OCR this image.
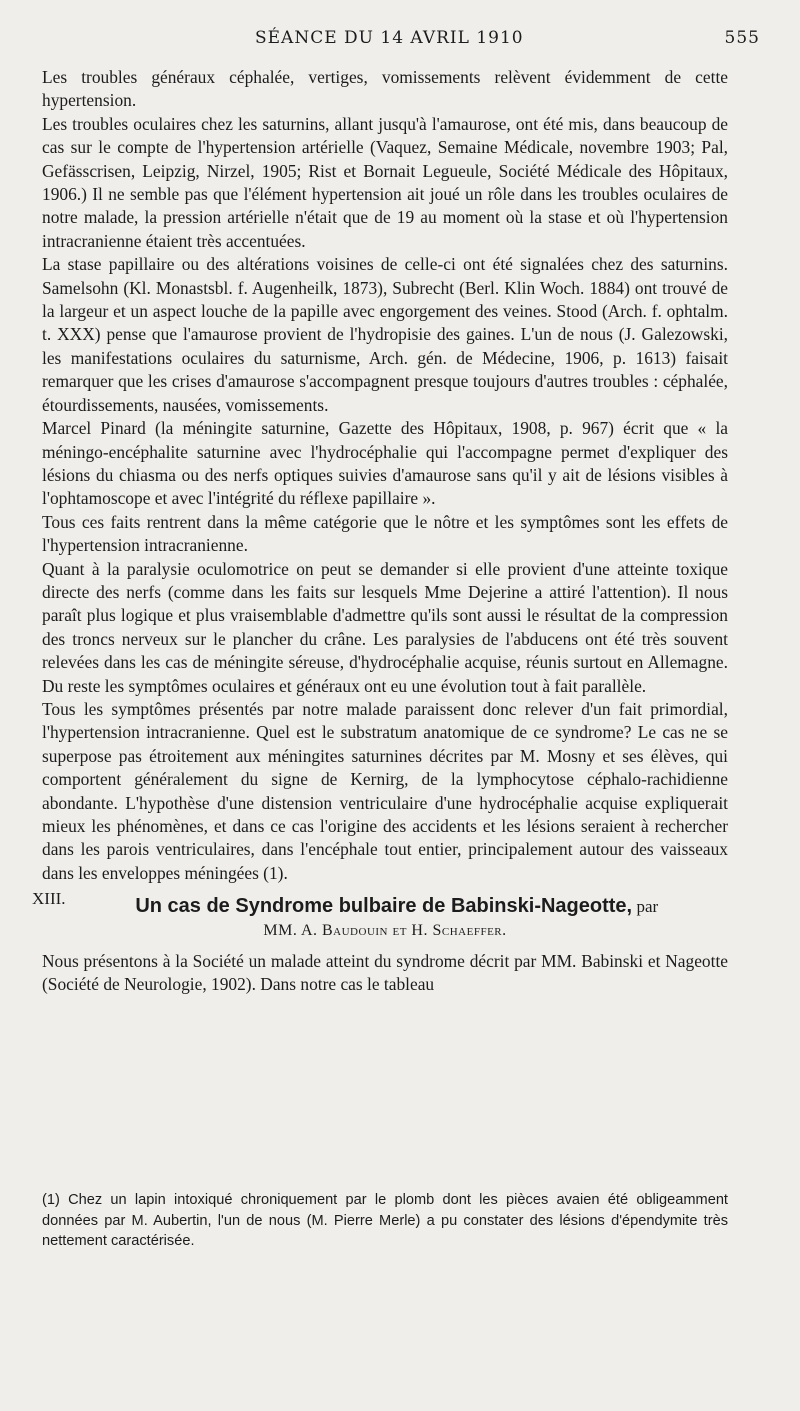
SÉANCE DU 14 AVRIL 1910	555

Les troubles généraux céphalée, vertiges, vomissements relèvent évidemment de cette hypertension.

Les troubles oculaires chez les saturnins, allant jusqu'à l'amaurose, ont été mis, dans beaucoup de cas sur le compte de l'hypertension artérielle (Vaquez, Semaine Médicale, novembre 1903; Pal, Gefässcrisen, Leipzig, Nirzel, 1905; Rist et Bornait Legueule, Société Médicale des Hôpitaux, 1906.) Il ne semble pas que l'élément hypertension ait joué un rôle dans les troubles oculaires de notre malade, la pression artérielle n'était que de 19 au moment où la stase et où l'hypertension intracranienne étaient très accentuées.

La stase papillaire ou des altérations voisines de celle-ci ont été signalées chez des saturnins. Samelsohn (Kl. Monastsbl. f. Augenheilk, 1873), Subrecht (Berl. Klin Woch. 1884) ont trouvé de la largeur et un aspect louche de la papille avec engorgement des veines. Stood (Arch. f. ophtalm. t. XXX) pense que l'amaurose provient de l'hydropisie des gaines. L'un de nous (J. Galezowski, les manifestations oculaires du saturnisme, Arch. gén. de Médecine, 1906, p. 1613) faisait remarquer que les crises d'amaurose s'accompagnent presque toujours d'autres troubles : céphalée, étourdissements, nausées, vomissements.

Marcel Pinard (la méningite saturnine, Gazette des Hôpitaux, 1908, p. 967) écrit que « la méningo-encéphalite saturnine avec l'hydrocéphalie qui l'accompagne permet d'expliquer des lésions du chiasma ou des nerfs optiques suivies d'amaurose sans qu'il y ait de lésions visibles à l'ophtamoscope et avec l'intégrité du réflexe papillaire ».

Tous ces faits rentrent dans la même catégorie que le nôtre et les symptômes sont les effets de l'hypertension intracranienne.

Quant à la paralysie oculomotrice on peut se demander si elle provient d'une atteinte toxique directe des nerfs (comme dans les faits sur lesquels Mme Dejerine a attiré l'attention). Il nous paraît plus logique et plus vraisemblable d'admettre qu'ils sont aussi le résultat de la compression des troncs nerveux sur le plancher du crâne. Les paralysies de l'abducens ont été très souvent relevées dans les cas de méningite séreuse, d'hydrocéphalie acquise, réunis surtout en Allemagne. Du reste les symptômes oculaires et généraux ont eu une évolution tout à fait parallèle.

Tous les symptômes présentés par notre malade paraissent donc relever d'un fait primordial, l'hypertension intracranienne. Quel est le substratum anatomique de ce syndrome? Le cas ne se superpose pas étroitement aux méningites saturnines décrites par M. Mosny et ses élèves, qui comportent généralement du signe de Kernirg, de la lymphocytose céphalo-rachidienne abondante. L'hypothèse d'une distension ventriculaire d'une hydrocéphalie acquise expliquerait mieux les phénomènes, et dans ce cas l'origine des accidents et les lésions seraient à rechercher dans les parois ventriculaires, dans l'encéphale tout entier, principalement autour des vaisseaux dans les enveloppes méningées (1).

XIII.	Un cas de Syndrome bulbaire de Babinski-Nageotte, par
MM. A. Baudouin et H. Schaeffer.

Nous présentons à la Société un malade atteint du syndrome décrit par MM. Babinski et Nageotte (Société de Neurologie, 1902). Dans notre cas le tableau

(1) Chez un lapin intoxiqué chroniquement par le plomb dont les pièces avaien été obligeamment données par M. Aubertin, l'un de nous (M. Pierre Merle) a pu constater des lésions d'épendymite très nettement caractérisée.
